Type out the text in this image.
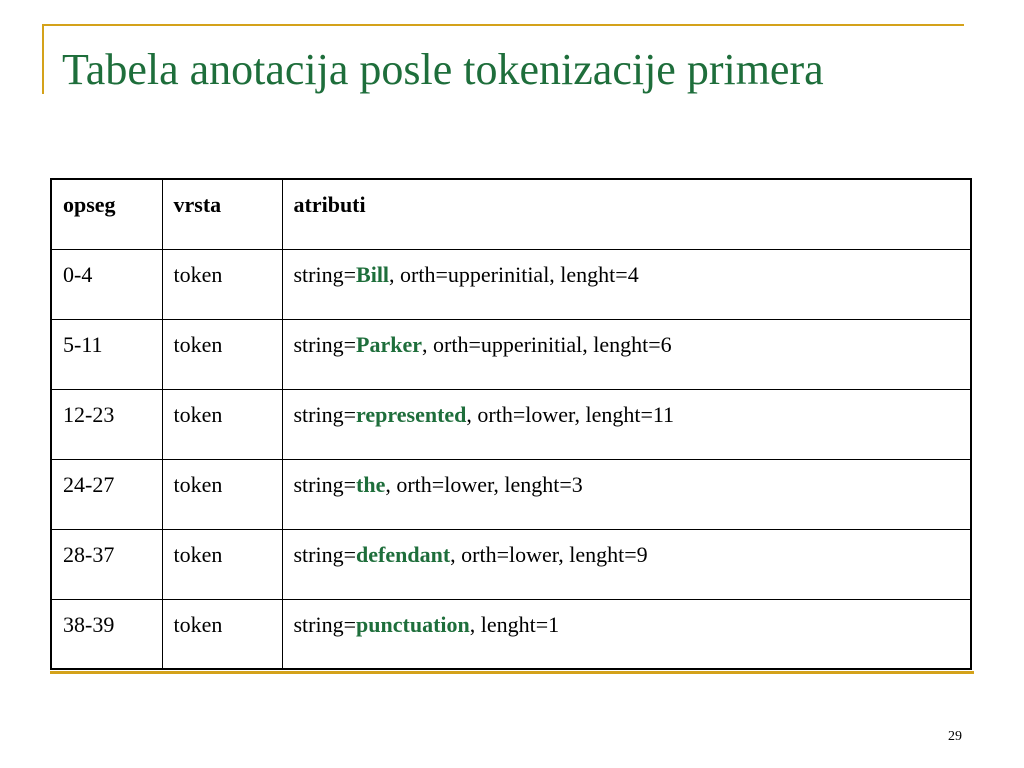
Tabela anotacija posle tokenizacije primera
opseg	vrsta	atributi
0-4	token	string=Bill, orth=upperinitial, lenght=4
5-11	token	string=Parker, orth=upperinitial, lenght=6
12-23	token	string=represented, orth=lower, lenght=11
24-27	token	string=the, orth=lower, lenght=3
28-37	token	string=defendant, orth=lower, lenght=9
38-39	token	string=punctuation, lenght=1
29
